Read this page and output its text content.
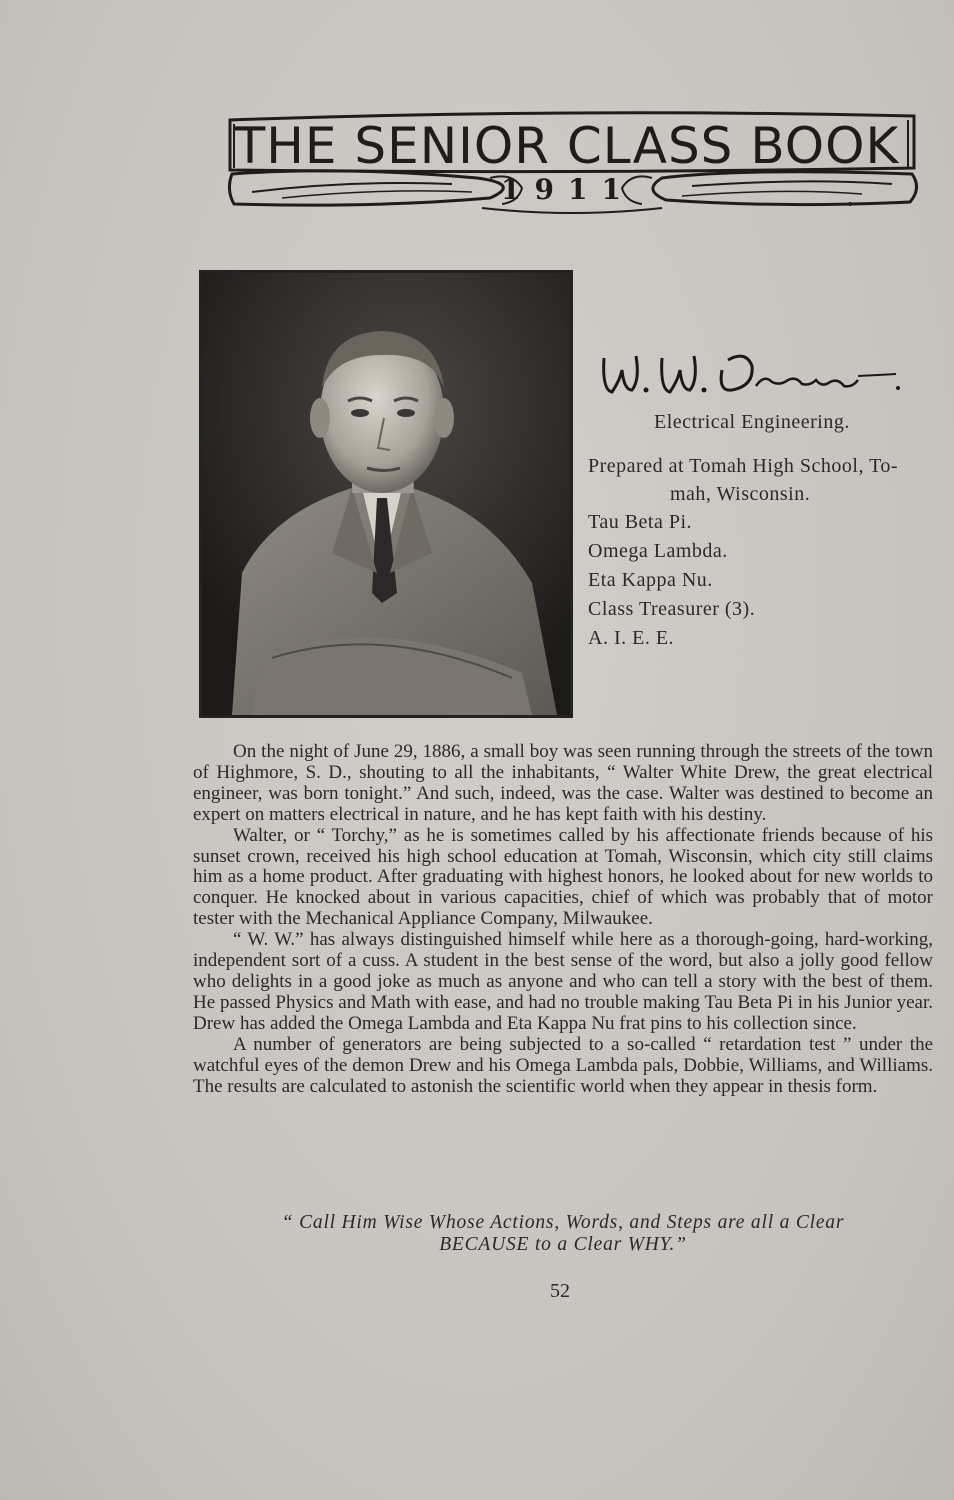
THE SENIOR CLASS BOOK
1911
Electrical Engineering.
Prepared at Tomah High School, To-
mah, Wisconsin.
Tau Beta Pi.
Omega Lambda.
Eta Kappa Nu.
Class Treasurer (3).
A. I. E. E.

On the night of June 29, 1886, a small boy was seen running through the streets of the town of Highmore, S. D., shouting to all the inhabitants, “ Walter White Drew, the great electrical engineer, was born tonight.” And such, indeed, was the case. Walter was destined to become an expert on matters electrical in nature, and he has kept faith with his destiny.

Walter, or “ Torchy,” as he is sometimes called by his affectionate friends because of his sunset crown, received his high school education at Tomah, Wisconsin, which city still claims him as a home product. After graduating with highest honors, he looked about for new worlds to conquer. He knocked about in various capacities, chief of which was probably that of motor tester with the Mechanical Appliance Company, Milwaukee.

“ W. W.” has always distinguished himself while here as a thorough-going, hard-working, independent sort of a cuss. A student in the best sense of the word, but also a jolly good fellow who delights in a good joke as much as anyone and who can tell a story with the best of them. He passed Physics and Math with ease, and had no trouble making Tau Beta Pi in his Junior year. Drew has added the Omega Lambda and Eta Kappa Nu frat pins to his collection since.

A number of generators are being subjected to a so-called “ retardation test ” under the watchful eyes of the demon Drew and his Omega Lambda pals, Dobbie, Williams, and Williams. The results are calculated to astonish the scientific world when they appear in thesis form.

“ Call Him Wise Whose Actions, Words, and Steps are all a Clear
BECAUSE to a Clear WHY.”
52
